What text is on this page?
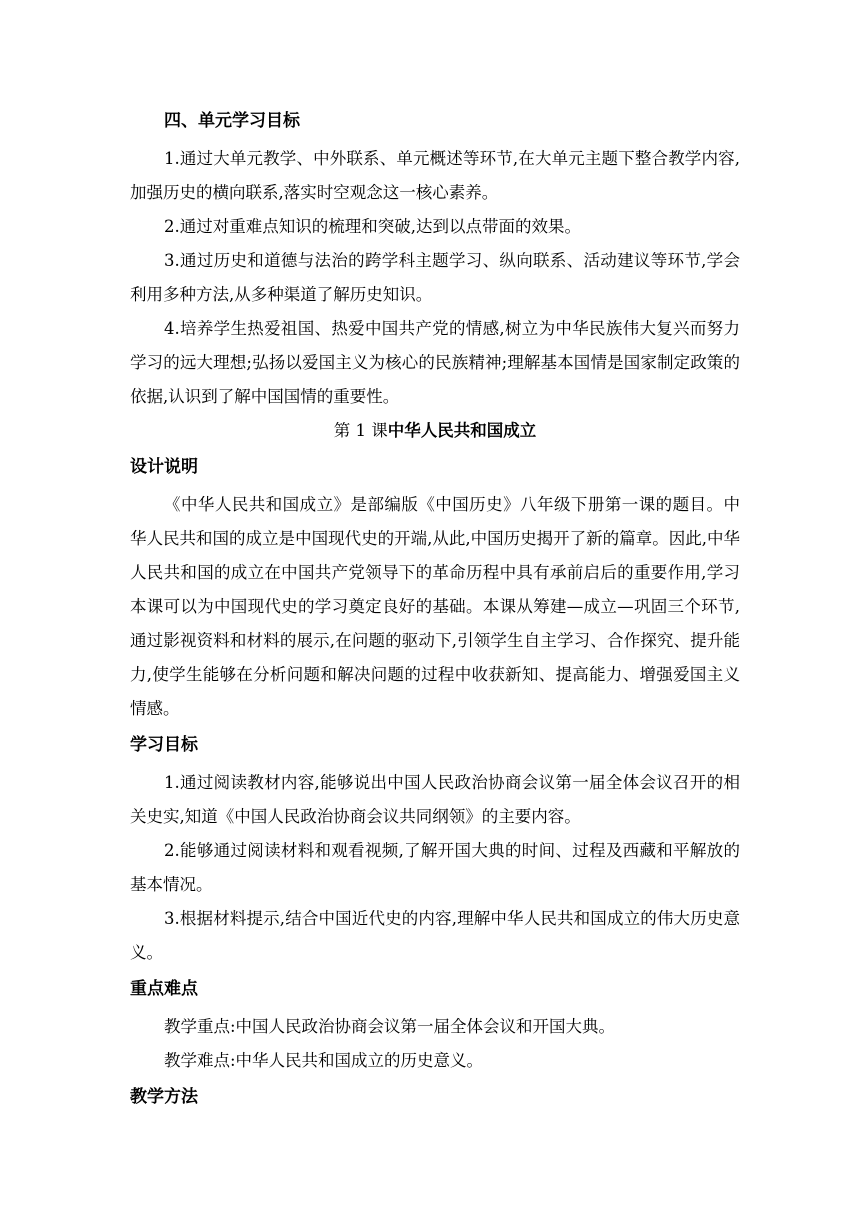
四、单元学习目标

1.通过大单元教学、中外联系、单元概述等环节,在大单元主题下整合教学内容,加强历史的横向联系,落实时空观念这一核心素养。

2.通过对重难点知识的梳理和突破,达到以点带面的效果。

3.通过历史和道德与法治的跨学科主题学习、纵向联系、活动建议等环节,学会利用多种方法,从多种渠道了解历史知识。

4.培养学生热爱祖国、热爱中国共产党的情感,树立为中华民族伟大复兴而努力学习的远大理想;弘扬以爱国主义为核心的民族精神;理解基本国情是国家制定政策的依据,认识到了解中国国情的重要性。

第 1 课中华人民共和国成立
设计说明

《中华人民共和国成立》是部编版《中国历史》八年级下册第一课的题目。中华人民共和国的成立是中国现代史的开端,从此,中国历史揭开了新的篇章。因此,中华人民共和国的成立在中国共产党领导下的革命历程中具有承前启后的重要作用,学习本课可以为中国现代史的学习奠定良好的基础。本课从筹建—成立—巩固三个环节,通过影视资料和材料的展示,在问题的驱动下,引领学生自主学习、合作探究、提升能力,使学生能够在分析问题和解决问题的过程中收获新知、提高能力、增强爱国主义情感。

学习目标

1.通过阅读教材内容,能够说出中国人民政治协商会议第一届全体会议召开的相关史实,知道《中国人民政治协商会议共同纲领》的主要内容。

2.能够通过阅读材料和观看视频,了解开国大典的时间、过程及西藏和平解放的基本情况。

3.根据材料提示,结合中国近代史的内容,理解中华人民共和国成立的伟大历史意义。

重点难点

教学重点:中国人民政治协商会议第一届全体会议和开国大典。

教学难点:中华人民共和国成立的历史意义。

教学方法
